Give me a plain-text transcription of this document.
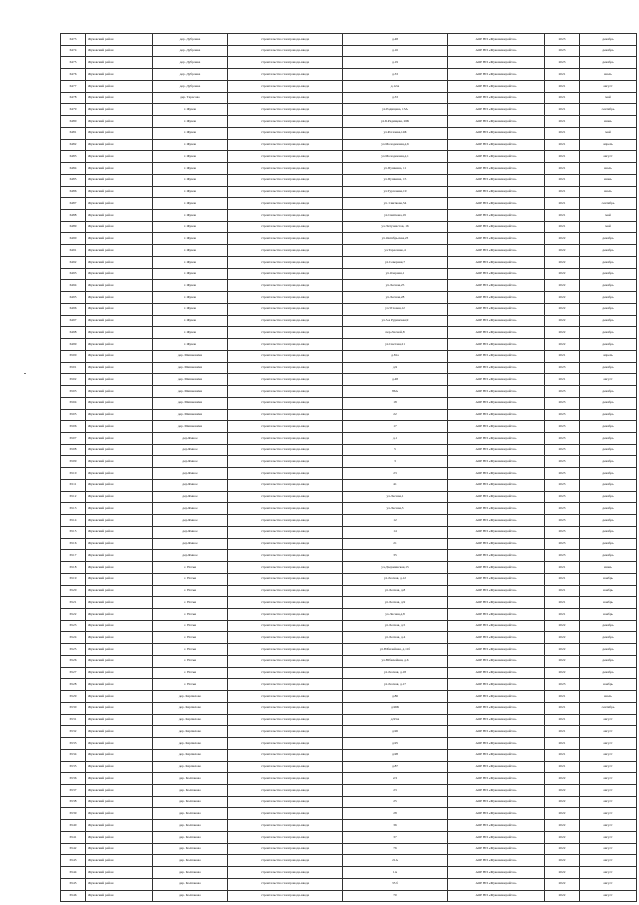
6473	Жуковский район	дер. Дубровка	строительство газопровода-ввода	д.48	АОР НП «Жуковмежрайгаз»	2023	декабрь
6474	Жуковский район	дер. Дубровка	строительство газопровода-ввода	д.16	АОР НП «Жуковмежрайгаз»	2023	декабрь
6475	Жуковский район	дер. Дубровка	строительство газопровода-ввода	д.19	АОР НП «Жуковмежрайгаз»	2023	декабрь
6476	Жуковский район	дер. Дубровка	строительство газопровода-ввода	д.33	АОР НП «Жуковмежрайгаз»	2021	июль
6477	Жуковский район	дер. Дубровка	строительство газопровода-ввода	д.12А	АОР НП «Жуковмежрайгаз»	2021	август
6478	Жуковский район	дер. Тарасово	строительство газопровода-ввода	д.33	АОР НП «Жуковмежрайгаз»	2021	май
6479	Жуковский район	г. Жуков	строительство газопровода-ввода	ул.Радищева, 13А	АОР НП «Жуковмежрайгаз»	2021	сентябрь
6480	Жуковский район	г. Жуков	строительство газопровода-ввода	ул.Б.Радищева, 26Б	АОР НП «Жуковмежрайгаз»	2021	июнь
6481	Жуковский район	г. Жуков	строительство газопровода-ввода	ул.Рогачева,14Б	АОР НП «Жуковмежрайгаз»	2021	май
6482	Жуковский район	г. Жуков	строительство газопровода-ввода	ул.Молодежная,д.6	АОР НП «Жуковмежрайгаз»	2021	апрель
6483	Жуковский район	г. Жуков	строительство газопровода-ввода	ул.Молодежная,д.1	АОР НП «Жуковмежрайгаз»	2021	август
6484	Жуковский район	г. Жуков	строительство газопровода-ввода	ул.Пушкина, 11	АОР НП «Жуковмежрайгаз»	2021	июль
6485	Жуковский район	г. Жуков	строительство газопровода-ввода	ул.Пушкина, 15	АОР НП «Жуковмежрайгаз»	2021	июнь
6486	Жуковский район	г. Жуков	строительство газопровода-ввода	ул.Тургенева,19	АОР НП «Жуковмежрайгаз»	2021	июль
6487	Жуковский район	г. Жуков	строительство газопровода-ввода	ул. Свиткова,54	АОР НП «Жуковмежрайгаз»	2021	сентябрь
6488	Жуковский район	г. Жуков	строительство газопровода-ввода	ул.Свиткова,19	АОР НП «Жуковмежрайгаз»	2021	май
6489	Жуковский район	г. Жуков	строительство газопровода-ввода	ул.Энтузиастов, 16	АОР НП «Жуковмежрайгаз»	2021	май
6490	Жуковский район	г. Жуков	строительство газопровода-ввода	ул.Октябрьская,23	АОР НП «Жуковмежрайгаз»	2022	декабрь
6491	Жуковский район	г. Жуков	строительство газопровода-ввода	ул.Тарасенко,4	АОР НП «Жуковмежрайгаз»	2022	декабрь
6492	Жуковский район	г. Жуков	строительство газопровода-ввода	ул.Северная,7	АОР НП «Жуковмежрайгаз»	2022	декабрь
6493	Жуковский район	г. Жуков	строительство газопровода-ввода	ул.Озерная,1	АОР НП «Жуковмежрайгаз»	2022	декабрь
6494	Жуковский район	г. Жуков	строительство газопровода-ввода	ул.Лесная,25	АОР НП «Жуковмежрайгаз»	2022	декабрь
6495	Жуковский район	г. Жуков	строительство газопровода-ввода	ул.Лесная,28	АОР НП «Жуковмежрайгаз»	2022	декабрь
6496	Жуковский район	г. Жуков	строительство газопровода-ввода	ул.Угловая,12	АОР НП «Жуковмежрайгаз»	2022	декабрь
6497	Жуковский район	г. Жуков	строительство газопровода-ввода	ул.3-я Рудинская,9	АОР НП «Жуковмежрайгаз»	2022	декабрь
6498	Жуковский район	г. Жуков	строительство газопровода-ввода	пер.Лесной,8	АОР НП «Жуковмежрайгаз»	2022	декабрь
6499	Жуковский район	г. Жуков	строительство газопровода-ввода	ул.Светлая,21	АОР НП «Жуковмежрайгаз»	2022	декабрь
6500	Жуковский район	дер. Мишковичи	строительство газопровода-ввода	д.81а	АОР НП «Жуковмежрайгаз»	2021	апрель
6501	Жуковский район	дер. Мишковичи	строительство газопровода-ввода	д.9	АОР НП «Жуковмежрайгаз»	2023	декабрь
6502	Жуковский район	дер. Мишковичи	строительство газопровода-ввода	д.48	АОР НП «Жуковмежрайгаз»	2021	август
6503	Жуковский район	дер. Мишковичи	строительство газопровода-ввода	86А	АОР НП «Жуковмежрайгаз»	2023	декабрь
6504	Жуковский район	дер. Мишковичи	строительство газопровода-ввода	18	АОР НП «Жуковмежрайгаз»	2023	декабрь
6505	Жуковский район	дер. Мишковичи	строительство газопровода-ввода	22	АОР НП «Жуковмежрайгаз»	2023	декабрь
6506	Жуковский район	дер. Мишковичи	строительство газопровода-ввода	17	АОР НП «Жуковмежрайгаз»	2023	декабрь
6507	Жуковский район	дер.Ямное	строительство газопровода-ввода	д.1	АОР НП «Жуковмежрайгаз»	2023	декабрь
6508	Жуковский район	дер.Ямное	строительство газопровода-ввода	5	АОР НП «Жуковмежрайгаз»	2023	декабрь
6509	Жуковский район	дер.Ямное	строительство газопровода-ввода	3	АОР НП «Жуковмежрайгаз»	2023	декабрь
6510	Жуковский район	дер.Ямное	строительство газопровода-ввода	23	АОР НП «Жуковмежрайгаз»	2023	декабрь
6511	Жуковский район	дер.Ямное	строительство газопровода-ввода	41	АОР НП «Жуковмежрайгаз»	2023	декабрь
6512	Жуковский район	дер.Ямное	строительство газопровода-ввода	ул.Лесная,1	АОР НП «Жуковмежрайгаз»	2023	декабрь
6513	Жуковский район	дер.Ямное	строительство газопровода-ввода	ул.Лесная,3	АОР НП «Жуковмежрайгаз»	2023	декабрь
6514	Жуковский район	дер.Ямное	строительство газопровода-ввода	12	АОР НП «Жуковмежрайгаз»	2023	декабрь
6515	Жуковский район	дер.Ямное	строительство газопровода-ввода	14	АОР НП «Жуковмежрайгаз»	2023	декабрь
6516	Жуковский район	дер.Ямное	строительство газопровода-ввода	21	АОР НП «Жуковмежрайгаз»	2023	декабрь
6517	Жуковский район	дер.Ямное	строительство газопровода-ввода	35	АОР НП «Жуковмежрайгаз»	2023	декабрь
6518	Жуковский район	с. Нотьи	строительство газопровода-ввода	ул.Дзержинская,15	АОР НП «Жуковмежрайгаз»	2021	июнь
6519	Жуковский район	с. Нотьи	строительство газопровода-ввода	ул.Лесная, д.12	АОР НП «Жуковмежрайгаз»	2021	ноябрь
6520	Жуковский район	с. Нотьи	строительство газопровода-ввода	ул.Лесная, д.8	АОР НП «Жуковмежрайгаз»	2021	ноябрь
6521	Жуковский район	с. Нотьи	строительство газопровода-ввода	ул.Лесная, д.9	АОР НП «Жуковмежрайгаз»	2021	ноябрь
6522	Жуковский район	с. Нотьи	строительство газопровода-ввода	ул.Лесная,д.8	АОР НП «Жуковмежрайгаз»	2021	ноябрь
6523	Жуковский район	с. Нотьи	строительство газопровода-ввода	ул.Лесная, д.5	АОР НП «Жуковмежрайгаз»	2022	декабрь
6524	Жуковский район	с. Нотьи	строительство газопровода-ввода	ул.Лесная, д.4	АОР НП «Жуковмежрайгаз»	2022	декабрь
6525	Жуковский район	с. Нотьи	строительство газопровода-ввода	ул.Юбилейная, д.11б	АОР НП «Жуковмежрайгаз»	2022	декабрь
6526	Жуковский район	с. Нотьи	строительство газопровода-ввода	ул.Юбилейная, д.6	АОР НП «Жуковмежрайгаз»	2022	декабрь
6527	Жуковский район	с. Нотьи	строительство газопровода-ввода	ул.Лесная, д.18	АОР НП «Жуковмежрайгаз»	2022	декабрь
6528	Жуковский район	с. Нотьи	строительство газопровода-ввода	ул.Лесная, д.17	АОР НП «Жуковмежрайгаз»	2023	ноябрь
6529	Жуковский район	дер. Карпилово	строительство газопровода-ввода	д.86	АОР НП «Жуковмежрайгаз»	2021	июль
6530	Жуковский район	дер. Карпилово	строительство газопровода-ввода	д.96Б	АОР НП «Жуковмежрайгаз»	2021	сентябрь
6531	Жуковский район	дер. Карпилово	строительство газопровода-ввода	д.93А	АОР НП «Жуковмежрайгаз»	2021	август
6532	Жуковский район	дер. Карпилово	строительство газопровода-ввода	д.96	АОР НП «Жуковмежрайгаз»	2021	август
6533	Жуковский район	дер. Карпилово	строительство газопровода-ввода	д.95	АОР НП «Жуковмежрайгаз»	2021	август
6534	Жуковский район	дер. Карпилово	строительство газопровода-ввода	д.98	АОР НП «Жуковмежрайгаз»	2021	август
6535	Жуковский район	дер. Карпилово	строительство газопровода-ввода	д.87	АОР НП «Жуковмежрайгаз»	2021	август
6536	Жуковский район	дер. Колпаково	строительство газопровода-ввода	2/2	АОР НП «Жуковмежрайгаз»	2022	август
6537	Жуковский район	дер. Колпаково	строительство газопровода-ввода	23	АОР НП «Жуковмежрайгаз»	2022	август
6538	Жуковский район	дер. Колпаково	строительство газопровода-ввода	25	АОР НП «Жуковмежрайгаз»	2022	август
6539	Жуковский район	дер. Колпаково	строительство газопровода-ввода	28	АОР НП «Жуковмежрайгаз»	2022	август
6540	Жуковский район	дер. Колпаково	строительство газопровода-ввода	36	АОР НП «Жуковмежрайгаз»	2022	август
6541	Жуковский район	дер. Колпаково	строительство газопровода-ввода	37	АОР НП «Жуковмежрайгаз»	2022	август
6542	Жуковский район	дер. Колпаково	строительство газопровода-ввода	76	АОР НП «Жуковмежрайгаз»	2022	август
6543	Жуковский район	дер. Колпаково	строительство газопровода-ввода	21А	АОР НП «Жуковмежрайгаз»	2022	август
6544	Жуковский район	дер. Колпаково	строительство газопровода-ввода	1А	АОР НП «Жуковмежрайгаз»	2022	август
6545	Жуковский район	дер. Колпаково	строительство газопровода-ввода	35 б	АОР НП «Жуковмежрайгаз»	2022	август
6546	Жуковский район	дер. Колпаково	строительство газопровода-ввода	70	АОР НП «Жуковмежрайгаз»	2022	август
